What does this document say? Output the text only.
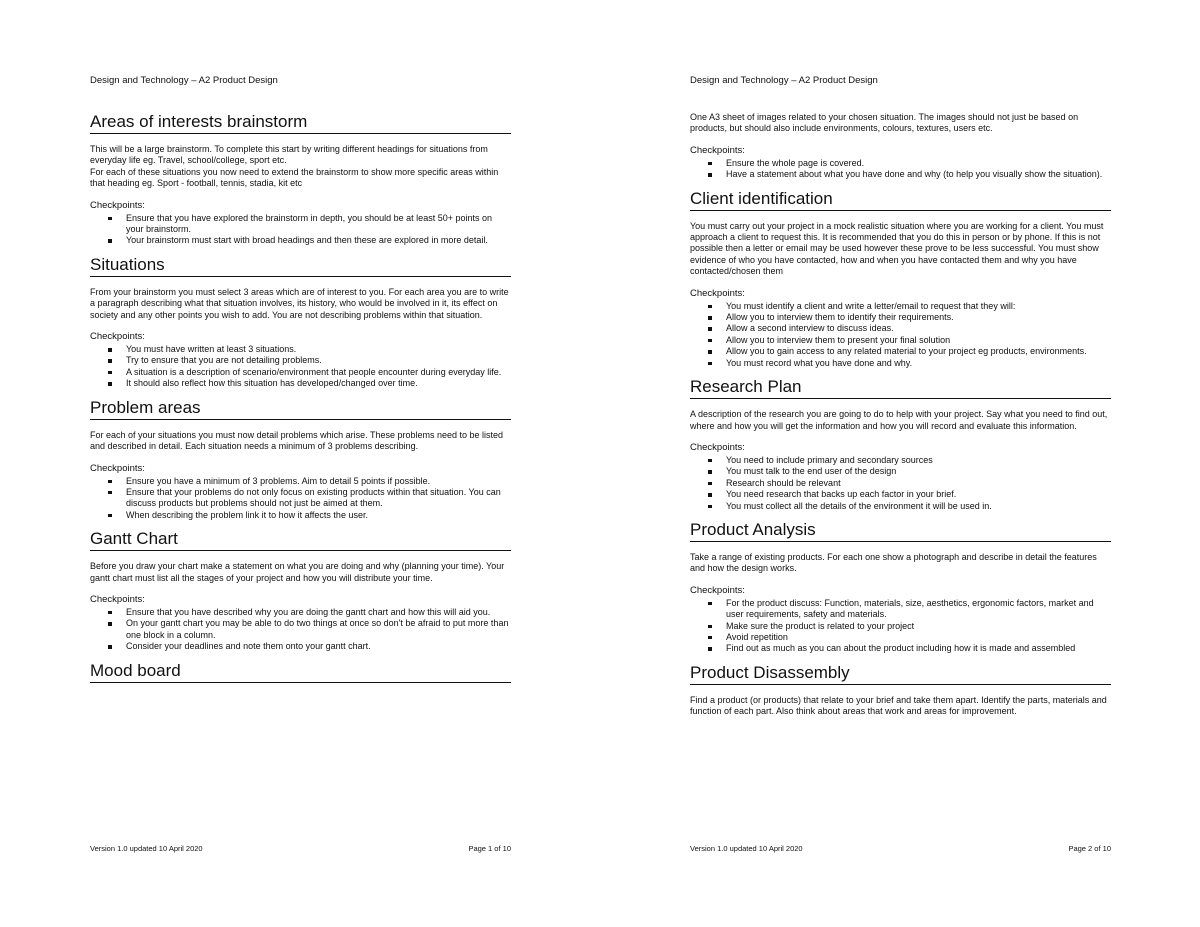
Design and Technology – A2 Product Design
Areas of interests brainstorm

This will be a large brainstorm. To complete this start by writing different headings for situations from everyday life eg. Travel, school/college, sport etc.

For each of these situations you now need to extend the brainstorm to show more specific areas within that heading eg. Sport - football, tennis, stadia, kit etc

Checkpoints:

Ensure that you have explored the brainstorm in depth, you should be at least 50+ points on your brainstorm.
Your brainstorm must start with broad headings and then these are explored in more detail.
Situations

From your brainstorm you must select 3 areas which are of interest to you. For each area you are to write a paragraph describing what that situation involves, its history, who would be involved in it, its effect on society and any other points you wish to add. You are not describing problems within that situation.

Checkpoints:

You must have written at least 3 situations.
Try to ensure that you are not detailing problems.
A situation is a description of scenario/environment that people encounter during everyday life.
It should also reflect how this situation has developed/changed over time.
Problem areas

For each of your situations you must now detail problems which arise. These problems need to be listed and described in detail. Each situation needs a minimum of 3 problems describing.

Checkpoints:

Ensure you have a minimum of 3 problems. Aim to detail 5 points if possible.
Ensure that your problems do not only focus on existing products within that situation. You can discuss products but problems should not just be aimed at them.
When describing the problem link it to how it affects the user.
Gantt Chart

Before you draw your chart make a statement on what you are doing and why (planning your time). Your gantt chart must list all the stages of your project and how you will distribute your time.

Checkpoints:

Ensure that you have described why you are doing the gantt chart and how this will aid you.
On your gantt chart you may be able to do two things at once so don't be afraid to put more than one block in a column.
Consider your deadlines and note them onto your gantt chart.
Mood board
Version 1.0 updated 10 April 2020	Page 1 of 10
Design and Technology – A2 Product Design

One A3 sheet of images related to your chosen situation. The images should not just be based on products, but should also include environments, colours, textures, users etc.

Checkpoints:

Ensure the whole page is covered.
Have a statement about what you have done and why (to help you visually show the situation).
Client identification

You must carry out your project in a mock realistic situation where you are working for a client. You must approach a client to request this. It is recommended that you do this in person or by phone. If this is not possible then a letter or email may be used however these prove to be less successful. You must show evidence of who you have contacted, how and when you have contacted them and why you have contacted/chosen them

Checkpoints:

You must identify a client and write a letter/email to request that they will:
Allow you to interview them to identify their requirements.
Allow a second interview to discuss ideas.
Allow you to interview them to present your final solution
Allow you to gain access to any related material to your project eg products, environments.
You must record what you have done and why.
Research Plan

A description of the research you are going to do to help with your project. Say what you need to find out, where and how you will get the information and how you will record and evaluate this information.

Checkpoints:

You need to include primary and secondary sources
You must talk to the end user of the design
Research should be relevant
You need research that backs up each factor in your brief.
You must collect all the details of the environment it will be used in.
Product Analysis

Take a range of existing products. For each one show a photograph and describe in detail the features and how the design works.

Checkpoints:

For the product discuss: Function, materials, size, aesthetics, ergonomic factors, market and user requirements, safety and materials.
Make sure the product is related to your project
Avoid repetition
Find out as much as you can about the product including how it is made and assembled
Product Disassembly

Find a product (or products) that relate to your brief and take them apart. Identify the parts, materials and function of each part. Also think about areas that work and areas for improvement.

Version 1.0 updated 10 April 2020	Page 2 of 10
